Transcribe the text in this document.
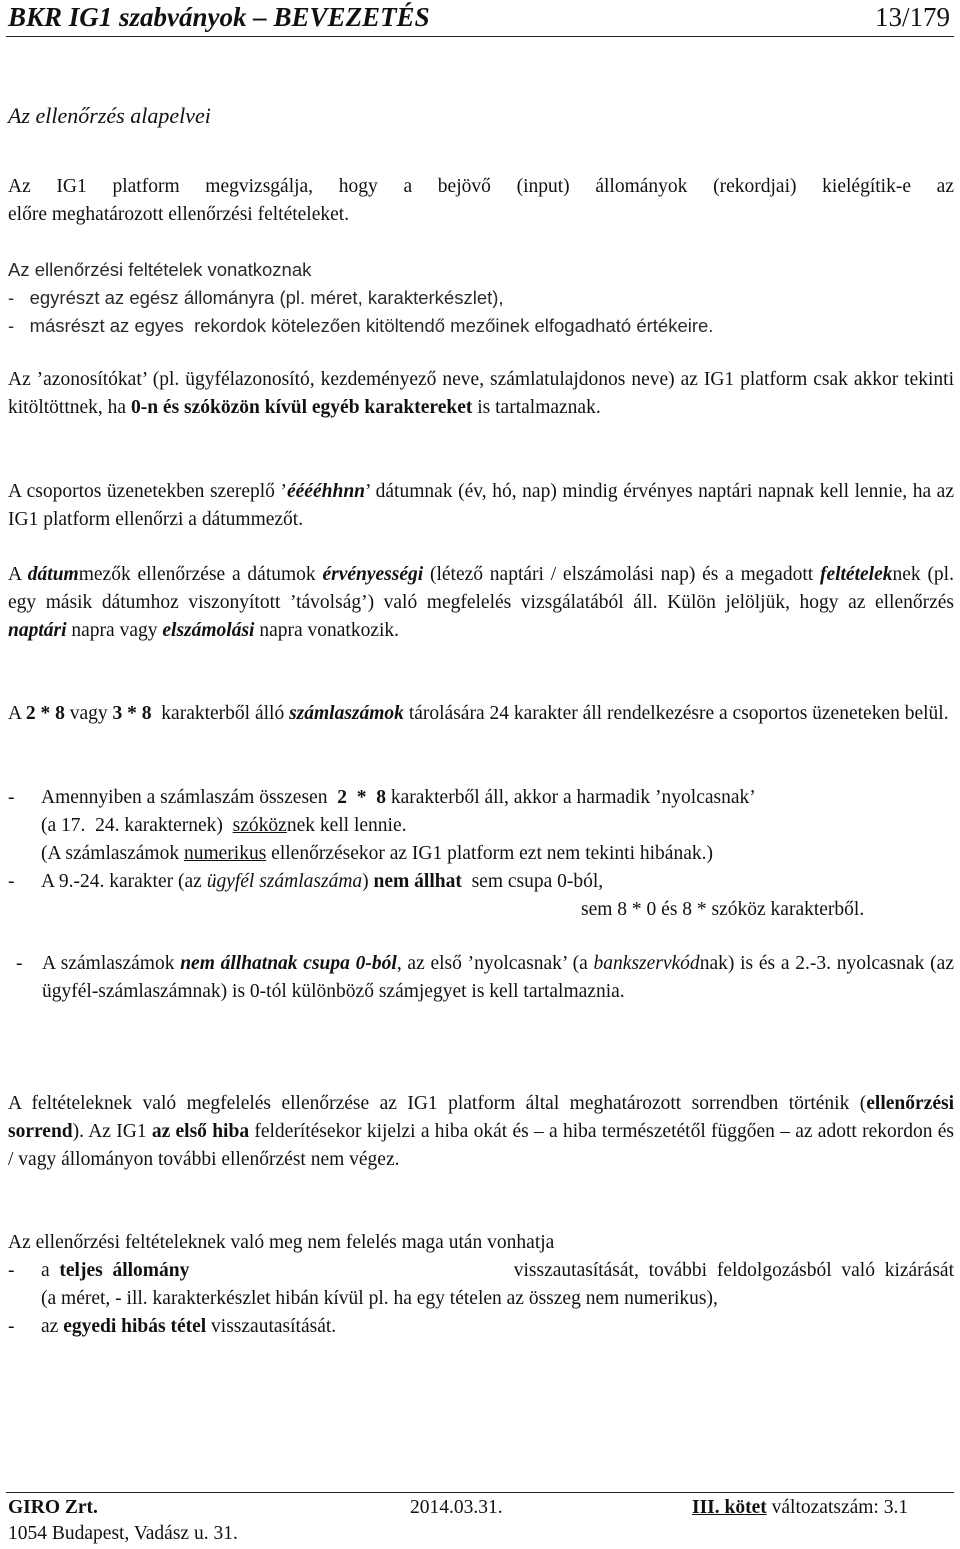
BKR IG1 szabványok – BEVEZETÉS	13/179

Az ellenőrzés alapelvei

Az IG1 platform megvizsgálja, hogy a bejövő (input) állományok (rekordjai) kielégítik-e az
előre meghatározott ellenőrzési feltételeket.

Az ellenőrzési feltételek vonatkoznak
-   egyrészt az egész állományra (pl. méret, karakterkészlet),
-   másrészt az egyes  rekordok kötelezően kitöltendő mezőinek elfogadható értékeire.

Az ’azonosítókat’ (pl. ügyfélazonosító, kezdeményező neve, számlatulajdonos neve) az IG1 platform csak akkor tekinti kitöltöttnek, ha 0-n és szóközön kívül egyéb karaktereket is tartalmaznak.

A csoportos üzenetekben szereplő ’ééééhhnn’ dátumnak (év, hó, nap) mindig érvényes naptári napnak kell lennie, ha az IG1 platform ellenőrzi a dátummezőt.

A dátummezők ellenőrzése a dátumok érvényességi (létező naptári / elszámolási nap) és a megadott feltételeknek (pl. egy másik dátumhoz viszonyított ’távolság’) való megfelelés vizsgálatából áll. Külön jelöljük, hogy az ellenőrzés naptári napra vagy elszámolási napra vonatkozik.

A 2 * 8 vagy 3 * 8  karakterből álló számlaszámok tárolására 24 karakter áll rendelkezésre a csoportos üzeneteken belül.

- Amennyiben a számlaszám összesen  2  *  8 karakterből áll, akkor a harmadik ’nyolcasnak’
(a 17.  24. karakternek)  szóköznek kell lennie.
(A számlaszámok numerikus ellenőrzésekor az IG1 platform ezt nem tekinti hibának.)
- A 9.-24. karakter (az ügyfél számlaszáma) nem állhat  sem csupa 0-ból,
sem 8 * 0 és 8 * szóköz karakterből.
-	A számlaszámok nem állhatnak csupa 0-ból, az első ’nyolcasnak’ (a bankszervkódnak) is és a 2.-3. nyolcasnak (az ügyfél-számlaszámnak) is 0-tól különböző számjegyet is kell tartalmaznia.

A feltételeknek való megfelelés ellenőrzése az IG1 platform által meghatározott sorrendben történik (ellenőrzési sorrend). Az IG1 az első hiba felderítésekor kijelzi a hiba okát és – a hiba természetétől függően – az adott rekordon és / vagy állományon további ellenőrzést nem végez.

Az ellenőrzési feltételeknek való meg nem felelés maga után vonhatja
-	a  teljes állomány	visszautasítását,  további  feldolgozásból  való  kizárását
(a méret, - ill. karakterkészlet hibán kívül pl. ha egy tételen az összeg nem numerikus),
- az egyedi hibás tétel visszautasítását.
GIRO Zrt.
1054 Budapest, Vadász u. 31.
2014.03.31.	III. kötet változatszám: 3.1
